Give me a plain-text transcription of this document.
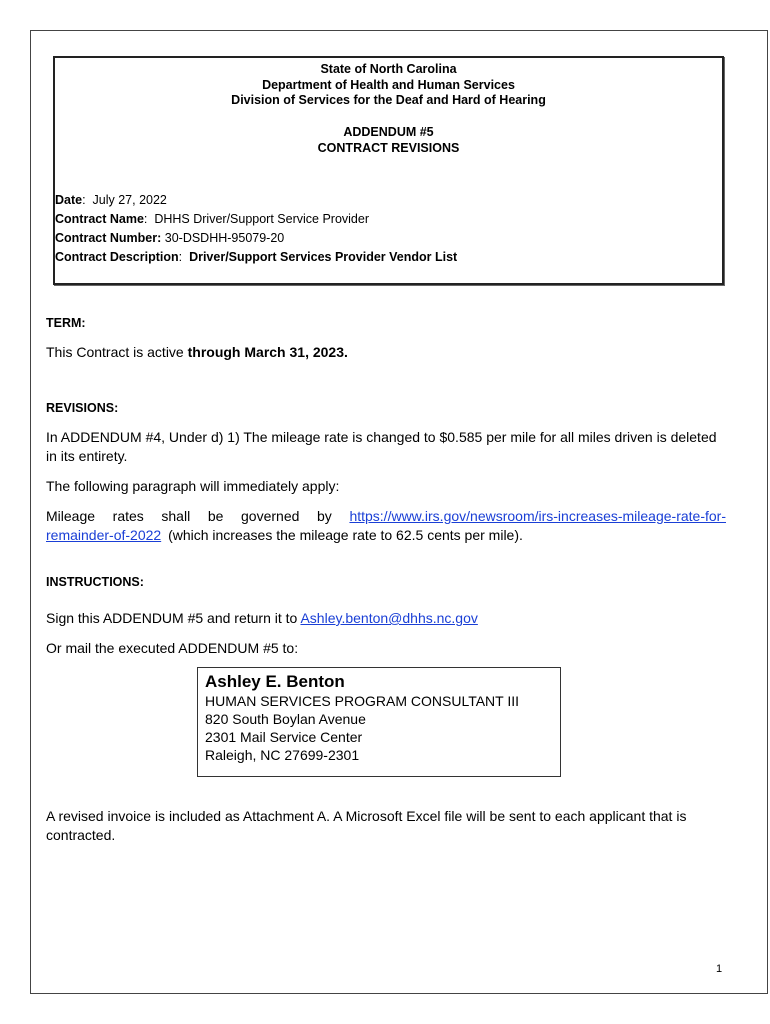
State of North Carolina
Department of Health and Human Services
Division of Services for the Deaf and Hard of Hearing
ADDENDUM #5
CONTRACT REVISIONS
Date:  July 27, 2022
Contract Name:  DHHS Driver/Support Service Provider
Contract Number: 30-DSDHH-95079-20
Contract Description:  Driver/Support Services Provider Vendor List
TERM:
This Contract is active through March 31, 2023.
REVISIONS:
In ADDENDUM #4, Under d) 1) The mileage rate is changed to $0.585 per mile for all miles driven is deleted in its entirety.
The following paragraph will immediately apply:
Mileage rates shall be governed by https://www.irs.gov/newsroom/irs-increases-mileage-rate-for-remainder-of-2022 (which increases the mileage rate to 62.5 cents per mile).
INSTRUCTIONS:
Sign this ADDENDUM #5 and return it to Ashley.benton@dhhs.nc.gov
Or mail the executed ADDENDUM #5 to:
Ashley E. Benton
HUMAN SERVICES PROGRAM CONSULTANT III
820 South Boylan Avenue
2301 Mail Service Center
Raleigh, NC 27699-2301
A revised invoice is included as Attachment A. A Microsoft Excel file will be sent to each applicant that is contracted.
1
